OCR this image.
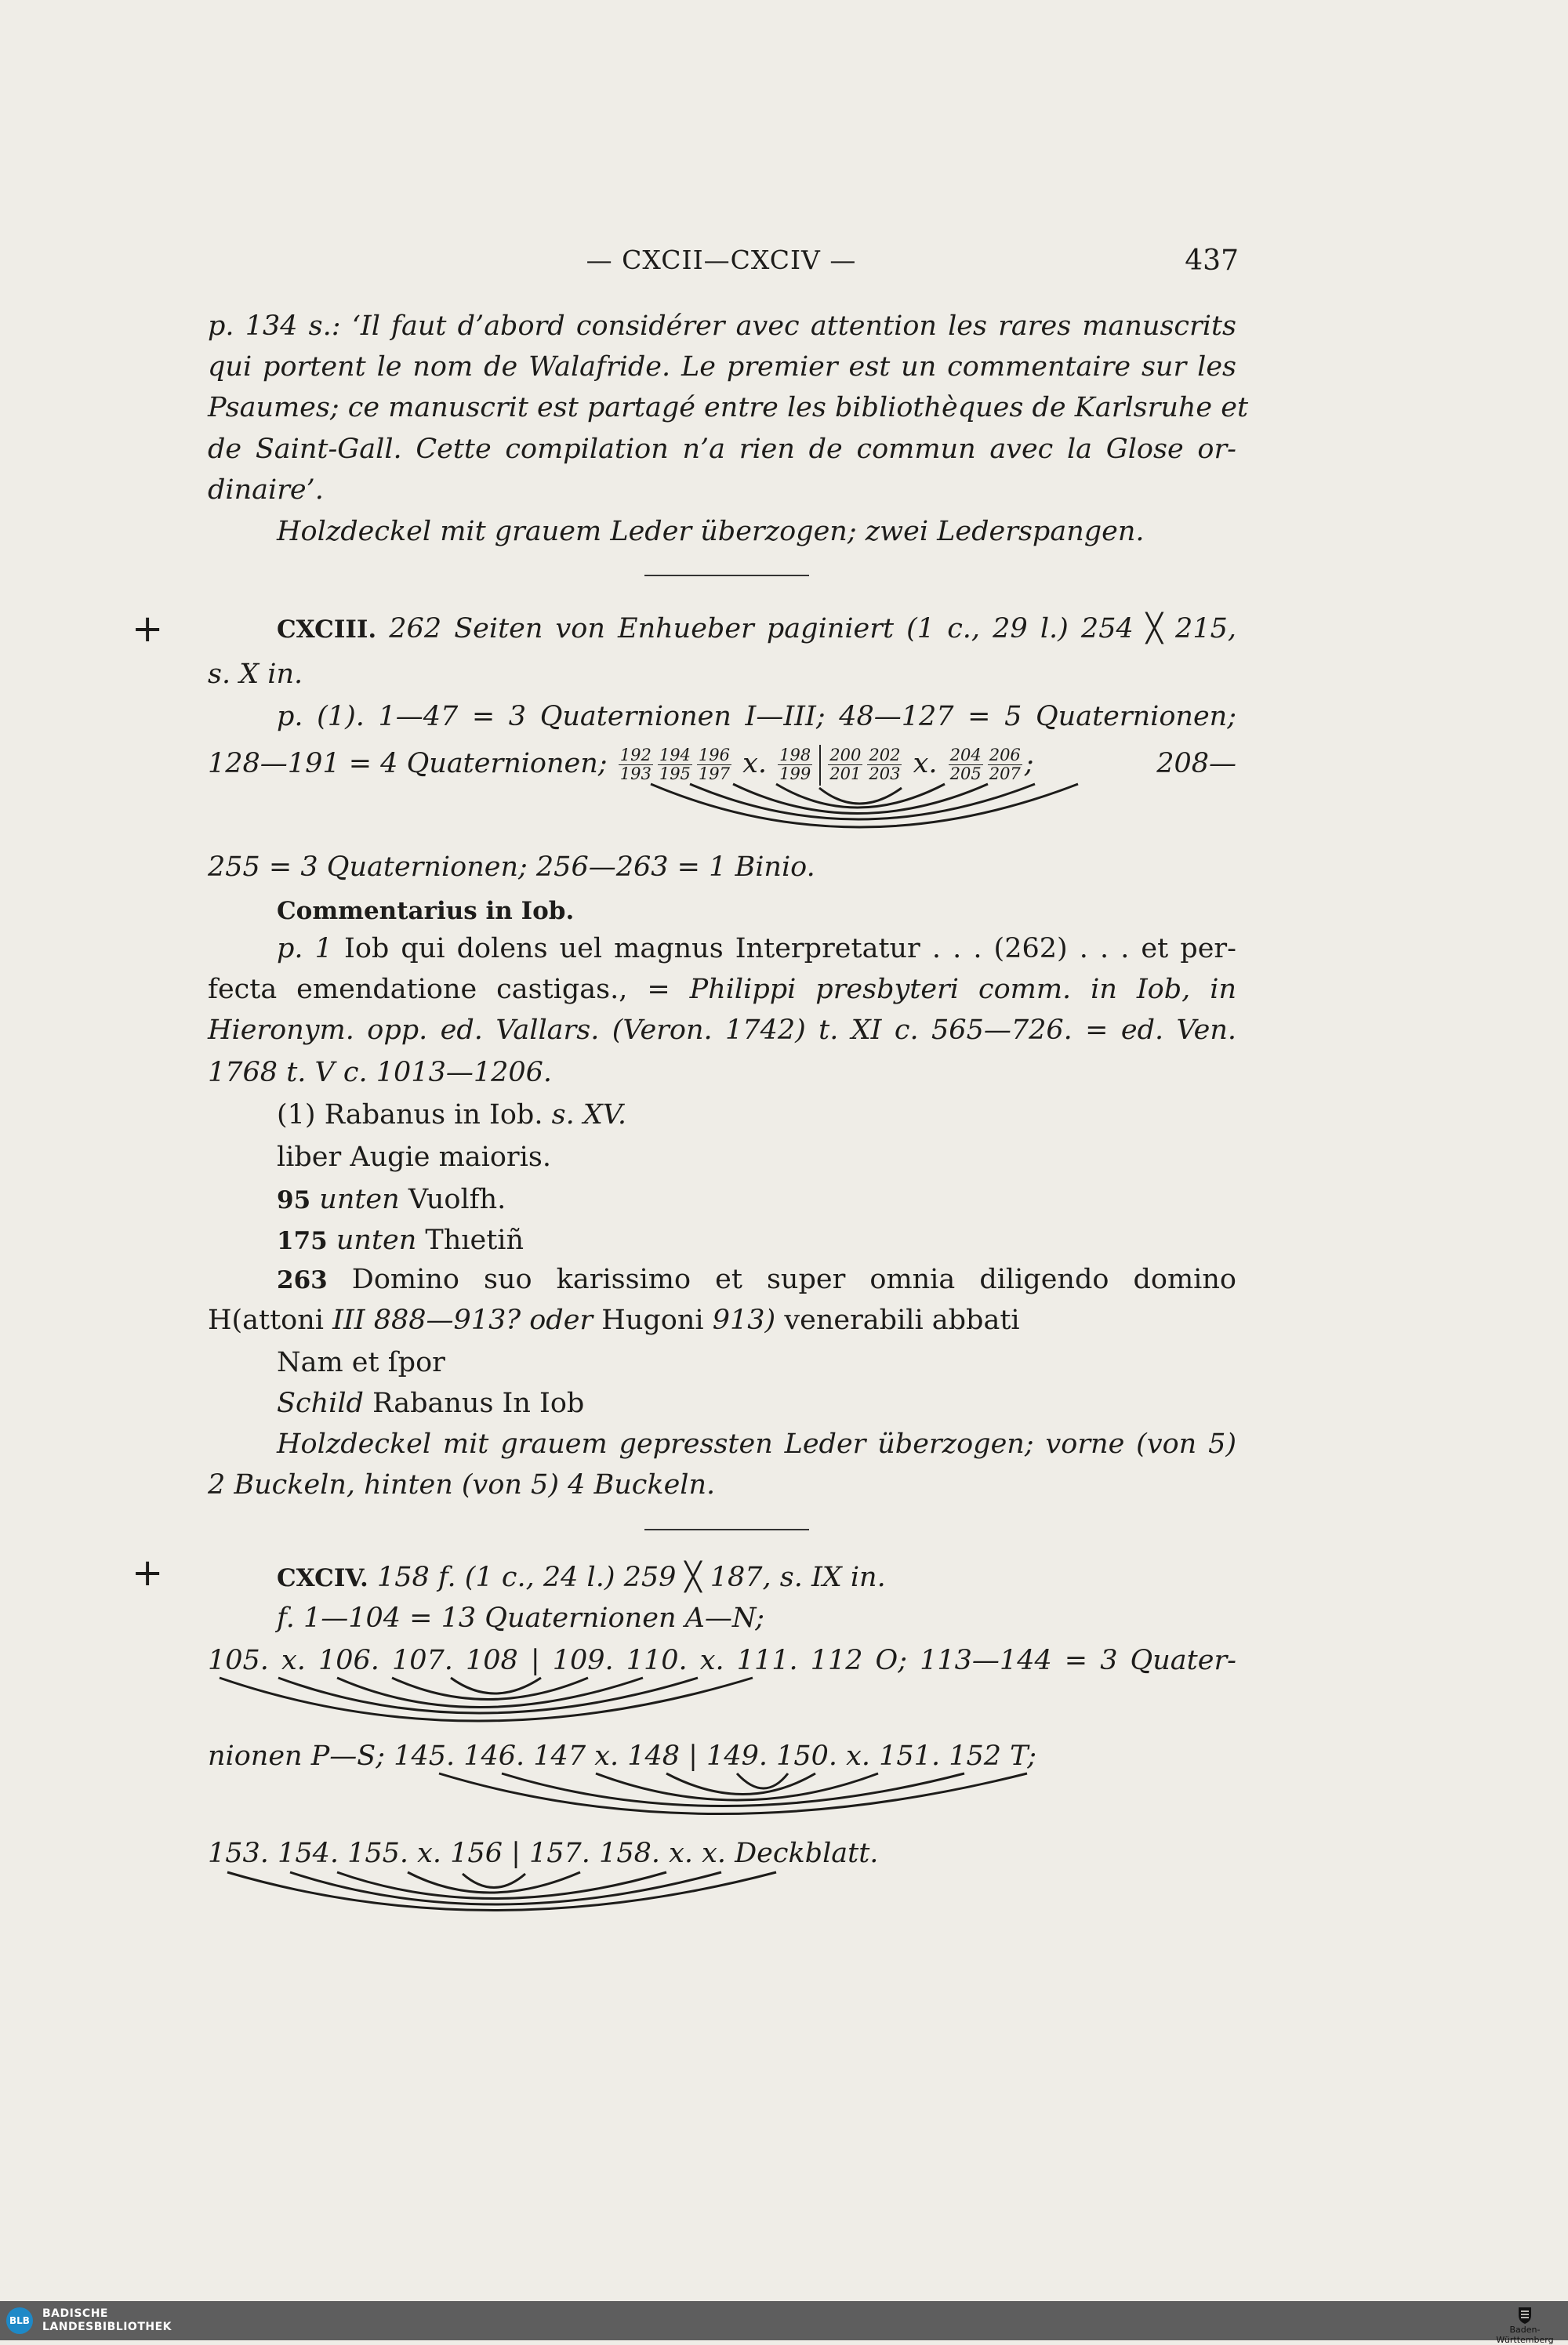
— CXCII—CXCIV —	437
p. 134 s.: ‘Il faut d’abord considérer avec attention les rares manuscrits
qui portent le nom de Walafride. Le premier est un commentaire sur les
Psaumes; ce manuscrit est partagé entre les bibliothèques de Karlsruhe et
de Saint-Gall. Cette compilation n’a rien de commun avec la Glose or-
dinaire’.
Holzdeckel mit grauem Leder überzogen; zwei Lederspangen.
+	CXCIII. 262 Seiten von Enhueber paginiert (1 c., 29 l.) 254 ╳ 215,
s. X in.
p. (1). 1—47 = 3 Quaternionen I—III; 48—127 = 5 Quaternionen;
128—191 = 4 Quaternionen; $\frac{192}{193} \frac{194}{195} \frac{196}{197} x$. $\frac{198}{199} \frac{200}{201} \frac{202}{203} x$. $\frac{204}{205} \frac{206}{207}$ ;	208—
255 = 3 Quaternionen; 256—263 = 1 Binio.
Commentarius in Iob.
p. 1 Iob qui dolens uel magnus Interpretatur . . . (262) . . . et per-
fecta emendatione castigas., = Philippi presbyteri comm. in Iob, in
Hieronym. opp. ed. Vallars. (Veron. 1742) t. XI c. 565—726. = ed. Ven.
1768 t. V c. 1013—1206.
(1) Rabanus in Iob. s. XV.
liber Augie maioris.
95 unten Vuolfh.
175 unten Thıetiñ
263 Domino suo karissimo et super omnia diligendo domino
H(attoni III 888—913? oder Hugoni 913) venerabili abbati
Nam et ſpor
Schild Rabanus In Iob
Holzdeckel mit grauem gepressten Leder überzogen; vorne (von 5)
2 Buckeln, hinten (von 5) 4 Buckeln.
+	CXCIV. 158 f. (1 c., 24 l.) 259 ╳ 187, s. IX in.
f. 1—104 = 13 Quaternionen A—N;
105. x. 106. 107. 108 | 109. 110. x. 111. 112 O; 113—144 = 3 Quater-
nionen P—S; 145. 146. 147 x. 148 | 149. 150. x. 151. 152 T;
153. 154. 155. x. 156 | 157. 158. x. x. Deckblatt.
BLB
BADISCHE
LANDESBIBLIOTHEK	Baden-Württemberg
